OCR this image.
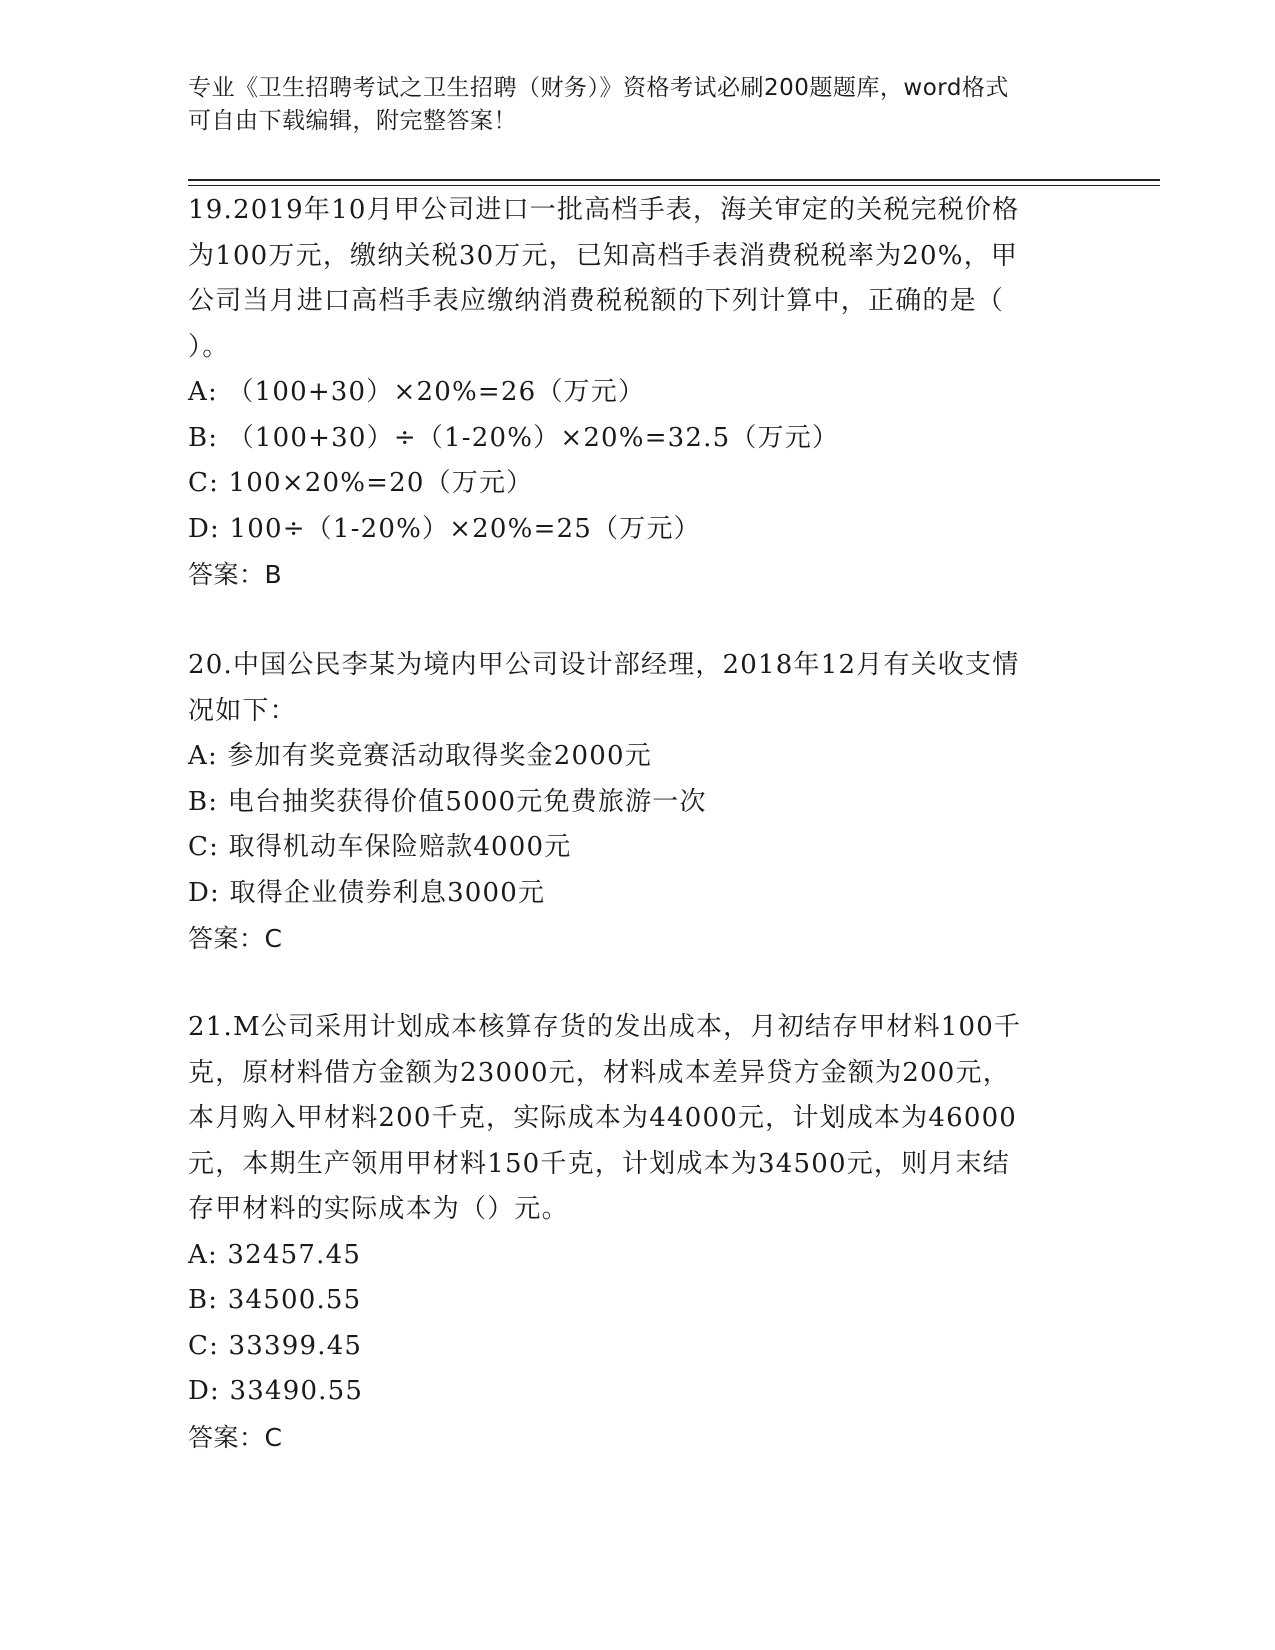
专业《卫生招聘考试之卫生招聘（财务）》资格考试必刷200题题库，word格式
可自由下载编辑，附完整答案！
19.2019年10月甲公司进口一批高档手表，海关审定的关税完税价格
为100万元，缴纳关税30万元，已知高档手表消费税税率为20%，甲
公司当月进口高档手表应缴纳消费税税额的下列计算中，正确的是（
）。
A: （100+30）×20%=26（万元）
B: （100+30）÷（1-20%）×20%=32.5（万元）
C: 100×20%=20（万元）
D: 100÷（1-20%）×20%=25（万元）
答案：B
20.中国公民李某为境内甲公司设计部经理，2018年12月有关收支情
况如下：
A: 参加有奖竞赛活动取得奖金2000元
B: 电台抽奖获得价值5000元免费旅游一次
C: 取得机动车保险赔款4000元
D: 取得企业债券利息3000元
答案：C
21.M公司采用计划成本核算存货的发出成本，月初结存甲材料100千
克，原材料借方金额为23000元，材料成本差异贷方金额为200元，
本月购入甲材料200千克，实际成本为44000元，计划成本为46000
元，本期生产领用甲材料150千克，计划成本为34500元，则月末结
存甲材料的实际成本为（）元。
A: 32457.45
B: 34500.55
C: 33399.45
D: 33490.55
答案：C
